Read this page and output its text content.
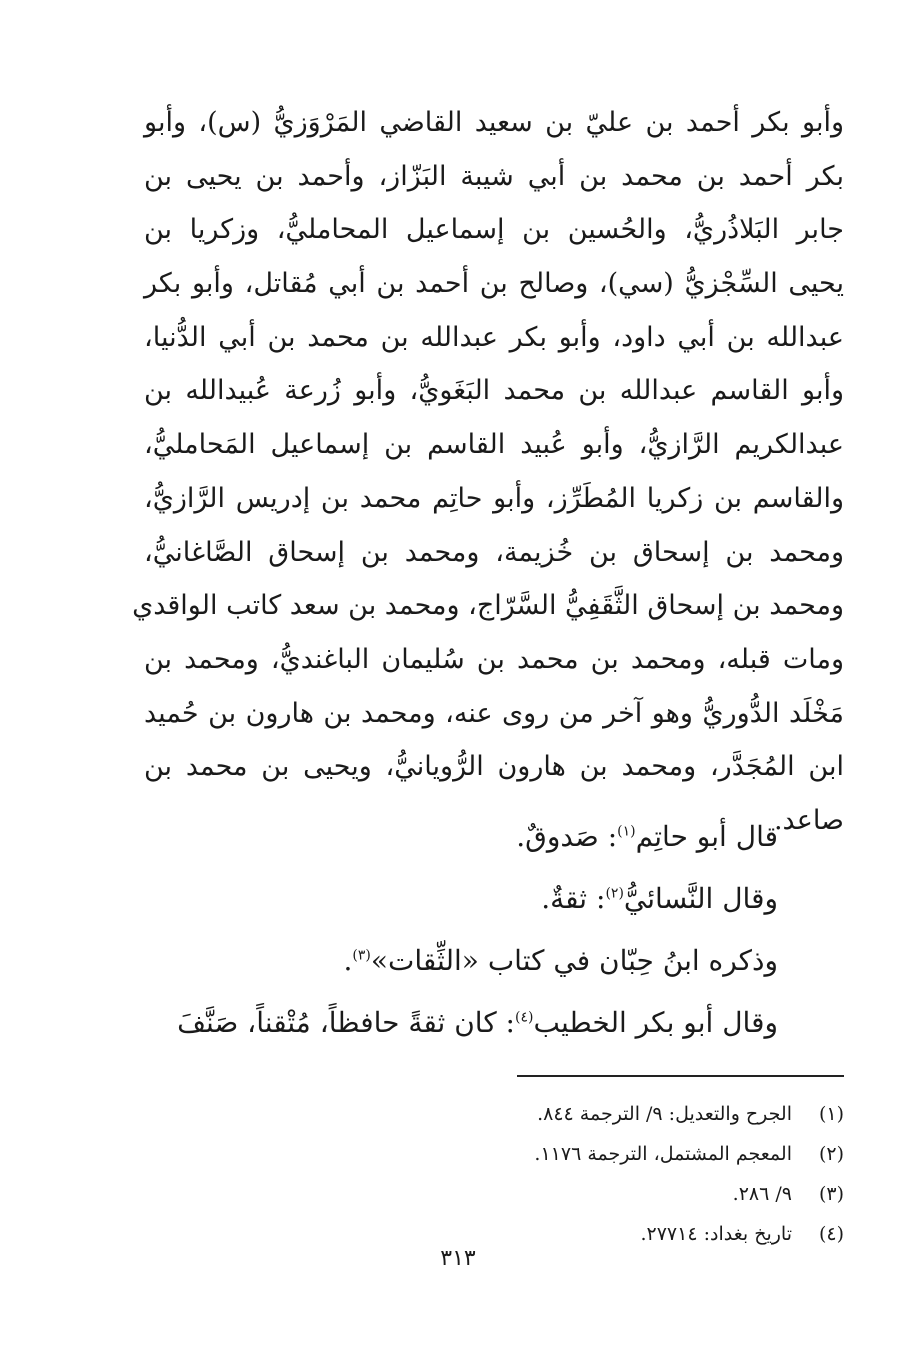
وأبو بكر أحمد بن عليّ بن سعيد القاضي المَرْوَزيُّ (س)، وأبو
بكر أحمد بن محمد بن أبي شيبة البَزّاز، وأحمد بن يحيى بن
جابر البَلاذُريُّ، والحُسين بن إسماعيل المحامليُّ، وزكريا بن
يحيى السِّجْزيُّ (سي)، وصالح بن أحمد بن أبي مُقاتل، وأبو بكر
عبدالله بن أبي داود، وأبو بكر عبدالله بن محمد بن أبي الدُّنيا،
وأبو القاسم عبدالله بن محمد البَغَويُّ، وأبو زُرعة عُبيدالله بن
عبدالكريم الرَّازيُّ، وأبو عُبيد القاسم بن إسماعيل المَحامليُّ،
والقاسم بن زكريا المُطَرِّز، وأبو حاتِم محمد بن إدريس الرَّازيُّ،
ومحمد بن إسحاق بن خُزيمة، ومحمد بن إسحاق الصَّاغانيُّ،
ومحمد بن إسحاق الثَّقَفِيُّ السَّرّاج، ومحمد بن سعد كاتب الواقدي
ومات قبله، ومحمد بن محمد بن سُليمان الباغنديُّ، ومحمد بن
مَخْلَد الدُّوريُّ وهو آخر من روى عنه، ومحمد بن هارون بن حُميد
ابن المُجَدَّر، ومحمد بن هارون الرُّويانيُّ، ويحيى بن محمد بن
صاعد.
قال أبو حاتِم$^{(١)}$: صَدوقٌ.
وقال النَّسائيُّ$^{(٢)}$: ثقةٌ.
وذكره ابنُ حِبّان في كتاب «الثِّقات»$^{(٣)}$.
وقال أبو بكر الخطيب$^{(٤)}$: كان ثقةً حافظاً، مُتْقناً، صَنَّفَ
(١)الجرح والتعديل: ٩/ الترجمة ٨٤٤.
(٢)المعجم المشتمل، الترجمة ١١٧٦.
(٣)٩/ ٢٨٦.
(٤)تاريخ بغداد: ٢٧٧١٤.
٣١٣
